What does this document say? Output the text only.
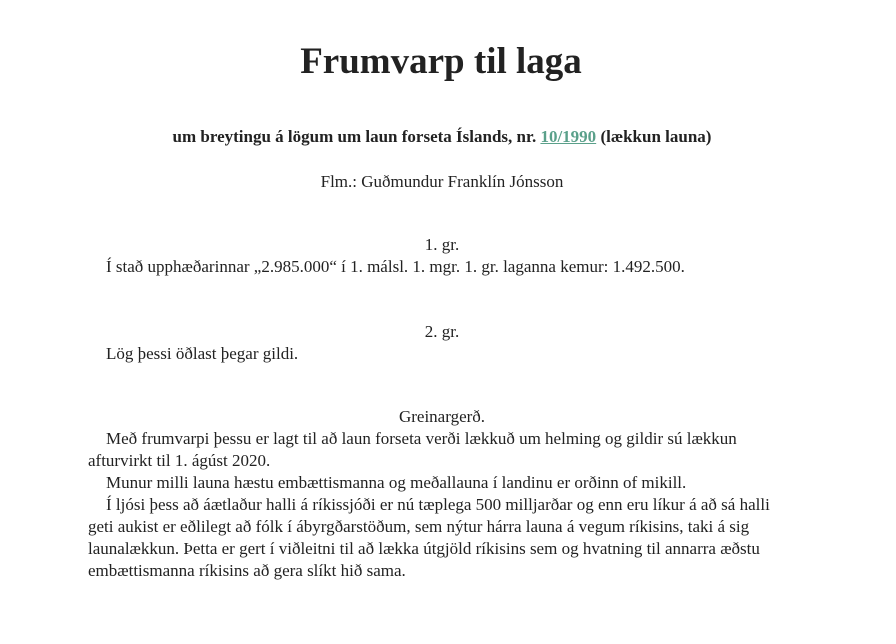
Frumvarp til laga
um breytingu á lögum um laun forseta Íslands, nr. 10/1990 (lækkun launa)
Flm.: Guðmundur Franklín Jónsson
1. gr.

Í stað upphæðarinnar „2.985.000“ í 1. málsl. 1. mgr. 1. gr. laganna kemur: 1.492.500.

2. gr.

Lög þessi öðlast þegar gildi.

Greinargerð.

Með frumvarpi þessu er lagt til að laun forseta verði lækkuð um helming og gildir sú lækkun afturvirkt til 1. ágúst 2020.

Munur milli launa hæstu embættismanna og meðallauna í landinu er orðinn of mikill.

Í ljósi þess að áætlaður halli á ríkissjóði er nú tæplega 500 milljarðar og enn eru líkur á að sá halli geti aukist er eðlilegt að fólk í ábyrgðarstöðum, sem nýtur hárra launa á vegum ríkisins, taki á sig launalækkun. Þetta er gert í viðleitni til að lækka útgjöld ríkisins sem og hvatning til annarra æðstu embættismanna ríkisins að gera slíkt hið sama.
